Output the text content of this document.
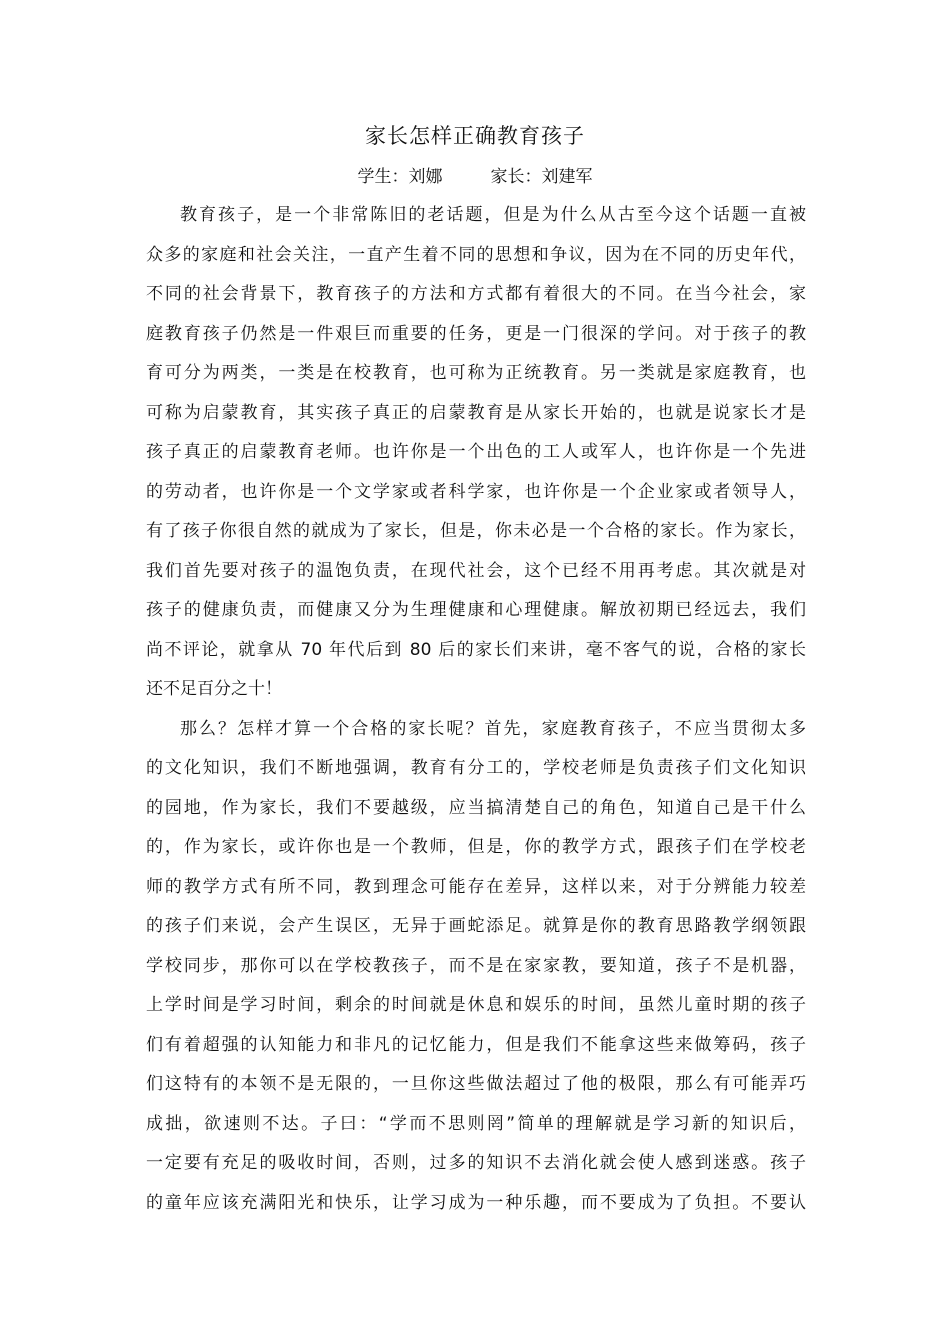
家长怎样正确教育孩子
学生：刘娜	家长：刘建军
教育孩子，是一个非常陈旧的老话题，但是为什么从古至今这个话题一直被
众多的家庭和社会关注，一直产生着不同的思想和争议，因为在不同的历史年代，
不同的社会背景下，教育孩子的方法和方式都有着很大的不同。在当今社会，家
庭教育孩子仍然是一件艰巨而重要的任务，更是一门很深的学问。对于孩子的教
育可分为两类，一类是在校教育，也可称为正统教育。另一类就是家庭教育，也
可称为启蒙教育，其实孩子真正的启蒙教育是从家长开始的，也就是说家长才是
孩子真正的启蒙教育老师。也许你是一个出色的工人或军人，也许你是一个先进
的劳动者，也许你是一个文学家或者科学家，也许你是一个企业家或者领导人，
有了孩子你很自然的就成为了家长，但是，你未必是一个合格的家长。作为家长，
我们首先要对孩子的温饱负责，在现代社会，这个已经不用再考虑。其次就是对
孩子的健康负责，而健康又分为生理健康和心理健康。解放初期已经远去，我们
尚不评论，就拿从 70 年代后到 80 后的家长们来讲，毫不客气的说，合格的家长
还不足百分之十！
那么？怎样才算一个合格的家长呢？首先，家庭教育孩子，不应当贯彻太多
的文化知识，我们不断地强调，教育有分工的，学校老师是负责孩子们文化知识
的园地，作为家长，我们不要越级，应当搞清楚自己的角色，知道自己是干什么
的，作为家长，或许你也是一个教师，但是，你的教学方式，跟孩子们在学校老
师的教学方式有所不同，教到理念可能存在差异，这样以来，对于分辨能力较差
的孩子们来说，会产生误区，无异于画蛇添足。就算是你的教育思路教学纲领跟
学校同步，那你可以在学校教孩子，而不是在家家教，要知道，孩子不是机器，
上学时间是学习时间，剩余的时间就是休息和娱乐的时间，虽然儿童时期的孩子
们有着超强的认知能力和非凡的记忆能力，但是我们不能拿这些来做筹码，孩子
们这特有的本领不是无限的，一旦你这些做法超过了他的极限，那么有可能弄巧
成拙，欲速则不达。子曰：“学而不思则罔”简单的理解就是学习新的知识后，
一定要有充足的吸收时间，否则，过多的知识不去消化就会使人感到迷惑。孩子
的童年应该充满阳光和快乐，让学习成为一种乐趣，而不要成为了负担。不要认
